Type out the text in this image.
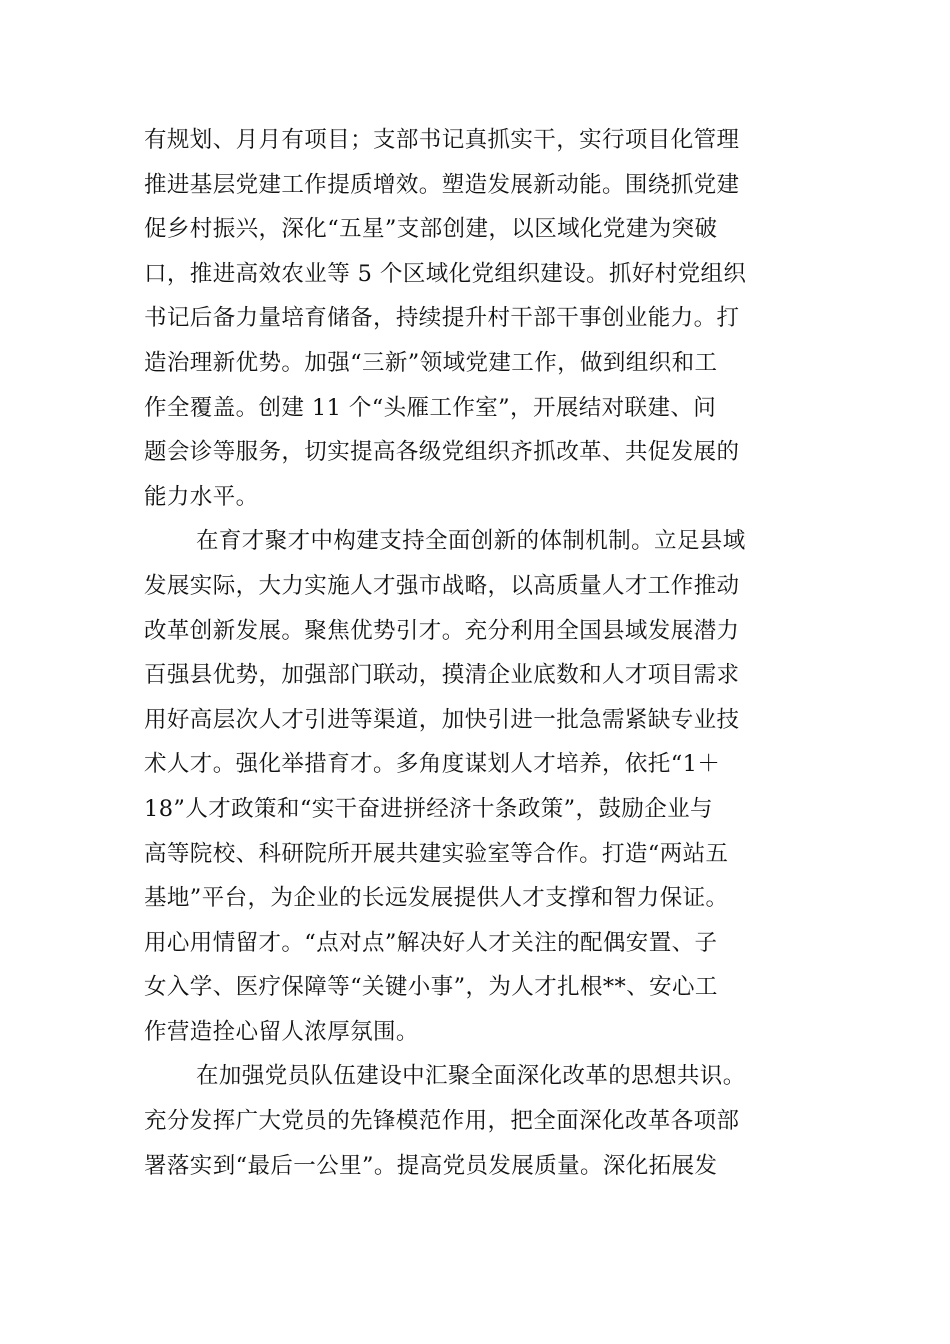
有规划、月月有项目；支部书记真抓实干，实行项目化管理
推进基层党建工作提质增效。塑造发展新动能。围绕抓党建
促乡村振兴，深化“五星”支部创建，以区域化党建为突破
口，推进高效农业等 5 个区域化党组织建设。抓好村党组织
书记后备力量培育储备，持续提升村干部干事创业能力。打
造治理新优势。加强“三新”领域党建工作，做到组织和工
作全覆盖。创建 11 个“头雁工作室”，开展结对联建、问
题会诊等服务，切实提高各级党组织齐抓改革、共促发展的
能力水平。
在育才聚才中构建支持全面创新的体制机制。立足县域
发展实际，大力实施人才强市战略，以高质量人才工作推动
改革创新发展。聚焦优势引才。充分利用全国县域发展潜力
百强县优势，加强部门联动，摸清企业底数和人才项目需求
用好高层次人才引进等渠道，加快引进一批急需紧缺专业技
术人才。强化举措育才。多角度谋划人才培养，依托“1＋
18”人才政策和“实干奋进拼经济十条政策”，鼓励企业与
高等院校、科研院所开展共建实验室等合作。打造“两站五
基地”平台，为企业的长远发展提供人才支撑和智力保证。
用心用情留才。“点对点”解决好人才关注的配偶安置、子
女入学、医疗保障等“关键小事”，为人才扎根**、安心工
作营造拴心留人浓厚氛围。
在加强党员队伍建设中汇聚全面深化改革的思想共识。
充分发挥广大党员的先锋模范作用，把全面深化改革各项部
署落实到“最后一公里”。提高党员发展质量。深化拓展发
